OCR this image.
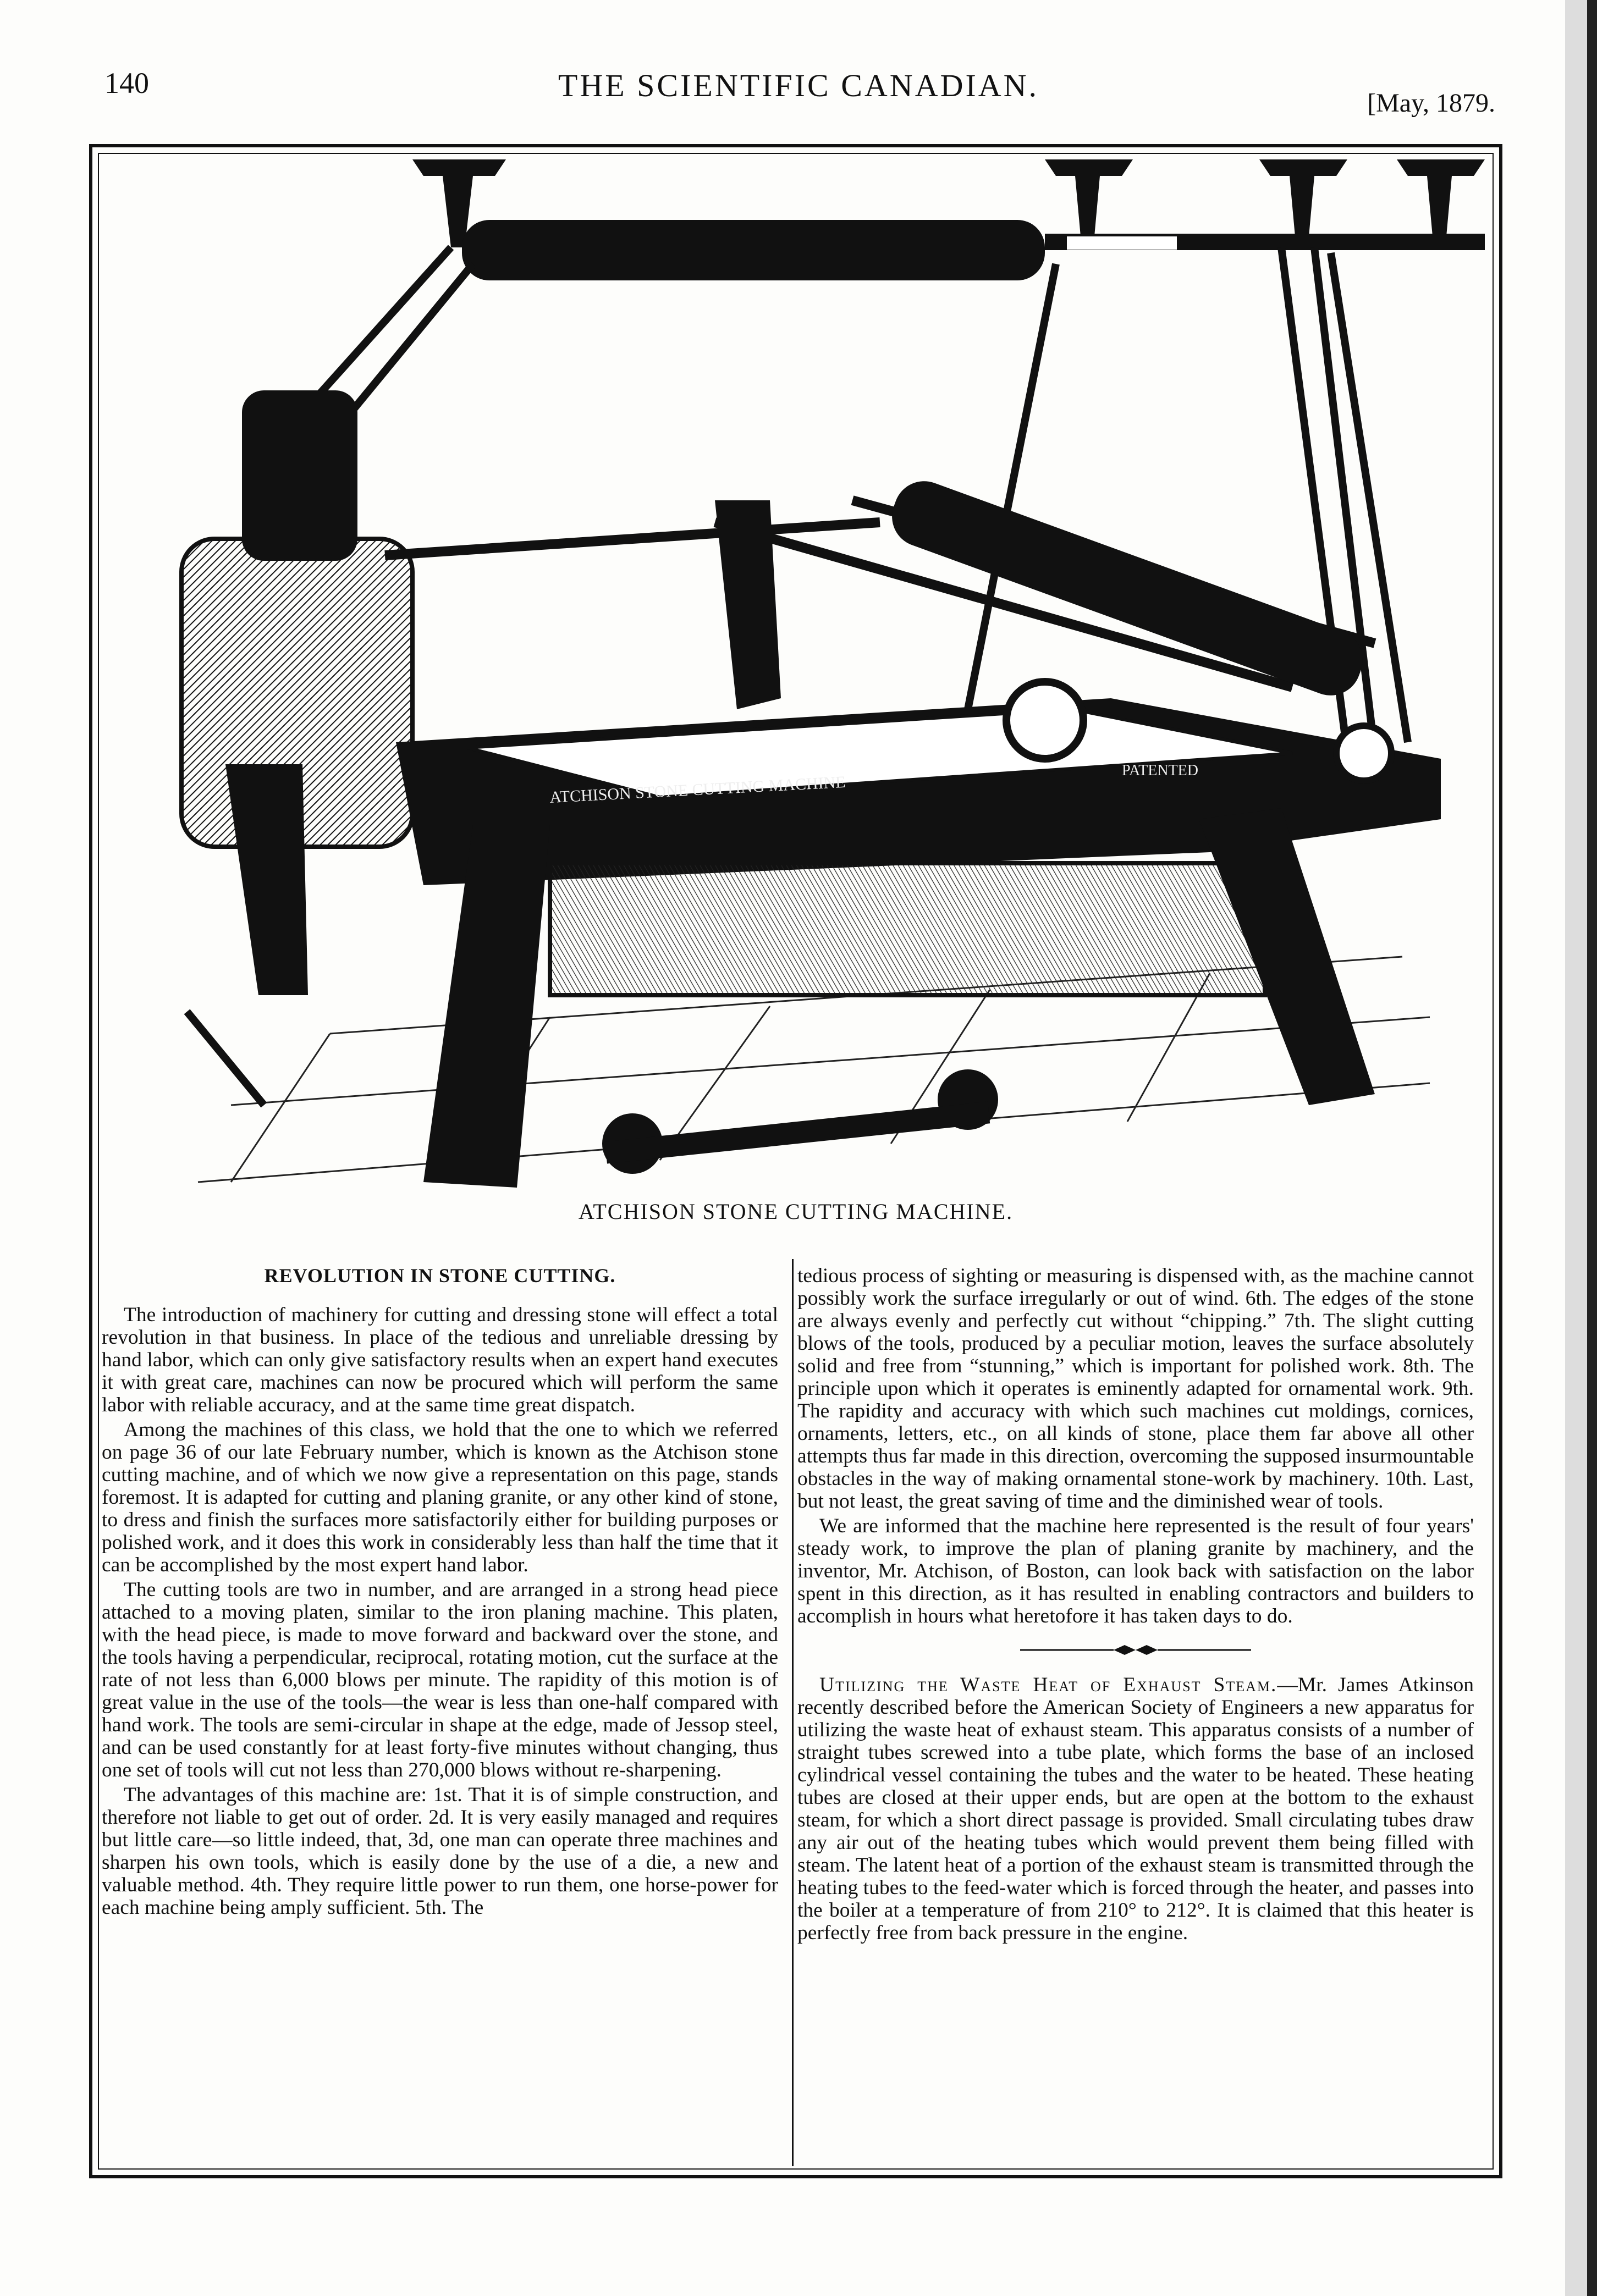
140	THE SCIENTIFIC CANADIAN.	[May, 1879.
ATCHISON STONE CUTTING MACHINE
PATENTED
ATCHISON STONE CUTTING MACHINE.
REVOLUTION IN STONE CUTTING.

The introduction of machinery for cutting and dressing stone will effect a total revolution in that business. In place of the tedious and unreliable dressing by hand labor, which can only give satisfactory results when an expert hand executes it with great care, machines can now be procured which will perform the same labor with reliable accuracy, and at the same time great dispatch.

Among the machines of this class, we hold that the one to which we referred on page 36 of our late February number, which is known as the Atchison stone cutting machine, and of which we now give a representation on this page, stands foremost. It is adapted for cutting and planing granite, or any other kind of stone, to dress and finish the surfaces more satisfactorily either for building purposes or polished work, and it does this work in considerably less than half the time that it can be accomplished by the most expert hand labor.

The cutting tools are two in number, and are arranged in a strong head piece attached to a moving platen, similar to the iron planing machine. This platen, with the head piece, is made to move forward and backward over the stone, and the tools having a perpendicular, reciprocal, rotating motion, cut the surface at the rate of not less than 6,000 blows per minute. The rapidity of this motion is of great value in the use of the tools—the wear is less than one-half compared with hand work. The tools are semi-circular in shape at the edge, made of Jessop steel, and can be used constantly for at least forty-five minutes without changing, thus one set of tools will cut not less than 270,000 blows without re-sharpening.

The advantages of this machine are: 1st. That it is of simple construction, and therefore not liable to get out of order. 2d. It is very easily managed and requires but little care—so little indeed, that, 3d, one man can operate three machines and sharpen his own tools, which is easily done by the use of a die, a new and valuable method. 4th. They require little power to run them, one horse-power for each machine being amply sufficient. 5th. The

tedious process of sighting or measuring is dispensed with, as the machine cannot possibly work the surface irregularly or out of wind. 6th. The edges of the stone are always evenly and perfectly cut without “chipping.” 7th. The slight cutting blows of the tools, produced by a peculiar motion, leaves the surface absolutely solid and free from “stunning,” which is important for polished work. 8th. The principle upon which it operates is eminently adapted for ornamental work. 9th. The rapidity and accuracy with which such machines cut moldings, cornices, ornaments, letters, etc., on all kinds of stone, place them far above all other attempts thus far made in this direction, overcoming the supposed insurmountable obstacles in the way of making ornamental stone-work by machinery. 10th. Last, but not least, the great saving of time and the diminished wear of tools.

We are informed that the machine here represented is the result of four years' steady work, to improve the plan of planing granite by machinery, and the inventor, Mr. Atchison, of Boston, can look back with satisfaction on the labor spent in this direction, as it has resulted in enabling contractors and builders to accomplish in hours what heretofore it has taken days to do.

Utilizing the Waste Heat of Exhaust Steam.—Mr. James Atkinson recently described before the American Society of Engineers a new apparatus for utilizing the waste heat of exhaust steam. This apparatus consists of a number of straight tubes screwed into a tube plate, which forms the base of an inclosed cylindrical vessel containing the tubes and the water to be heated. These heating tubes are closed at their upper ends, but are open at the bottom to the exhaust steam, for which a short direct passage is provided. Small circulating tubes draw any air out of the heating tubes which would prevent them being filled with steam. The latent heat of a portion of the exhaust steam is transmitted through the heating tubes to the feed-water which is forced through the heater, and passes into the boiler at a temperature of from 210° to 212°. It is claimed that this heater is perfectly free from back pressure in the engine.
